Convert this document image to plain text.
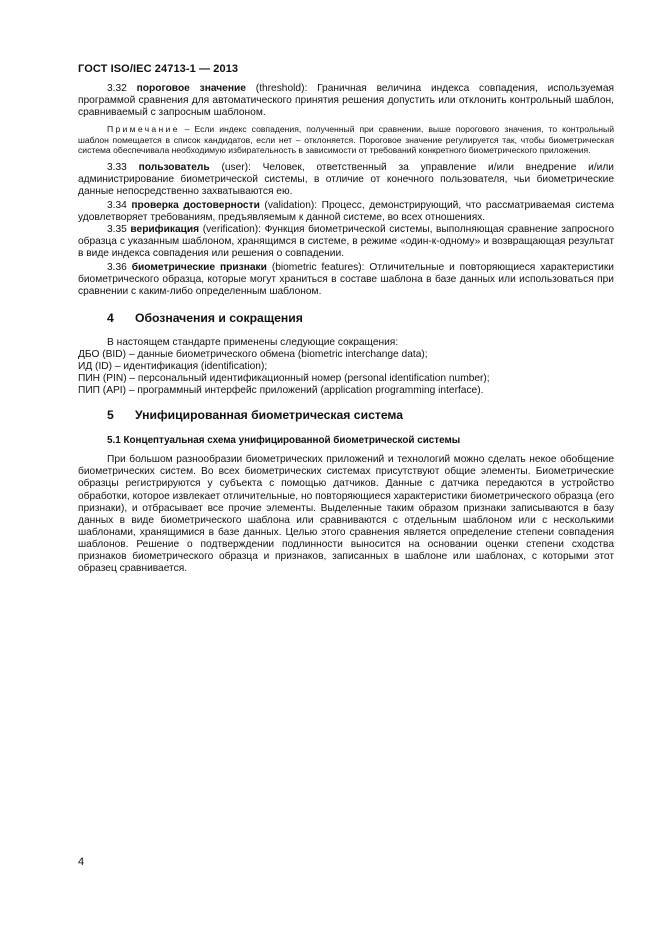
ГОСТ ISO/IEC 24713-1 — 2013

3.32 пороговое значение (threshold): Граничная величина индекса совпадения, используемая программой сравнения для автоматического принятия решения допустить или отклонить контрольный шаблон, сравниваемый с запросным шаблоном.

Примечание – Если индекс совпадения, полученный при сравнении, выше порогового значения, то контрольный шаблон помещается в список кандидатов, если нет – отклоняется. Пороговое значение регулируется так, чтобы биометрическая система обеспечивала необходимую избирательность в зависимости от требований конкретного биометрического приложения.

3.33 пользователь (user): Человек, ответственный за управление и/или внедрение и/или администрирование биометрической системы, в отличие от конечного пользователя, чьи биометрические данные непосредственно захватываются ею.

3.34 проверка достоверности (validation): Процесс, демонстрирующий, что рассматриваемая система удовлетворяет требованиям, предъявляемым к данной системе, во всех отношениях.

3.35 верификация (verification): Функция биометрической системы, выполняющая сравнение запросного образца с указанным шаблоном, хранящимся в системе, в режиме «один-к-одному» и возвращающая результат в виде индекса совпадения или решения о совпадении.

3.36 биометрические признаки (biometric features): Отличительные и повторяющиеся характеристики биометрического образца, которые могут храниться в составе шаблона в базе данных или использоваться при сравнении с каким-либо определенным шаблоном.

4 Обозначения и сокращения

В настоящем стандарте применены следующие сокращения:

ДБО (BID) – данные биометрического обмена (biometric interchange data);

ИД (ID) – идентификация (identification);

ПИН (PIN) – персональный идентификационный номер (personal identification number);

ПИП (API) – программный интерфейс приложений (application programming interface).

5 Унифицированная биометрическая система
5.1 Концептуальная схема унифицированной биометрической системы

При большом разнообразии биометрических приложений и технологий можно сделать некое обобщение биометрических систем. Во всех биометрических системах присутствуют общие элементы. Биометрические образцы регистрируются у субъекта с помощью датчиков. Данные с датчика передаются в устройство обработки, которое извлекает отличительные, но повторяющиеся характеристики биометрического образца (его признаки), и отбрасывает все прочие элементы. Выделенные таким образом признаки записываются в базу данных в виде биометрического шаблона или сравниваются с отдельным шаблоном или с несколькими шаблонами, хранящимися в базе данных. Целью этого сравнения является определение степени совпадения шаблонов. Решение о подтверждении подлинности выносится на основании оценки степени сходства признаков биометрического образца и признаков, записанных в шаблоне или шаблонах, с которыми этот образец сравнивается.

4
